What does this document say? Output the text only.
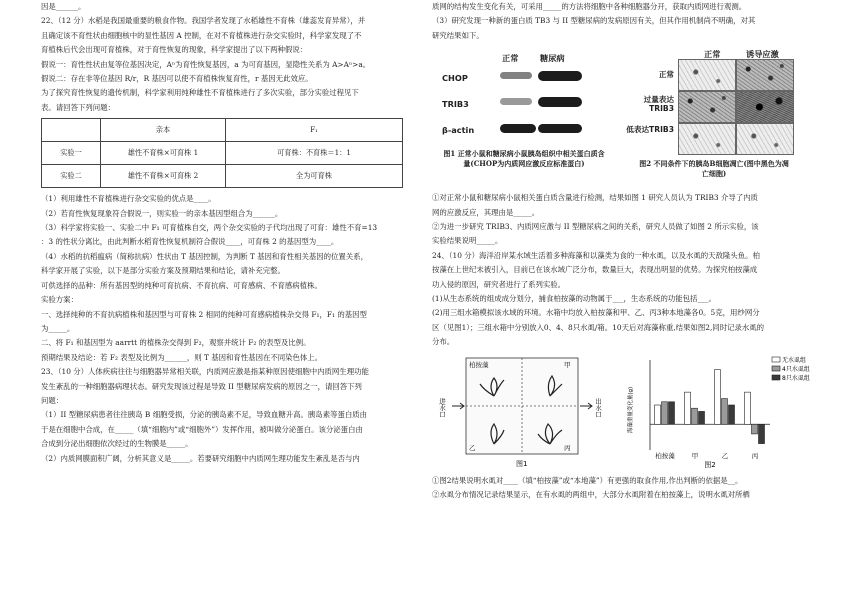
因是______。

22、（12 分）水稻是我国最重要的粮食作物。我国学者发现了水稻雄性不育株（雄蕊发育异常），并

且确定该不育性状由细胞核中的显性基因 A 控制，在对不育植株进行杂交实验时，科学家发现了不

育植株后代会出现可育植株，对于育性恢复的现象，科学家提出了以下两种假说：

假说一：育性性状由复等位基因决定，Aⁿ为育性恢复基因，a 为可育基因，显隐性关系为 A>Aⁿ>a。

假说二：存在非等位基因 R/r，R 基因可以使不育植株恢复育性，r 基因无此效应。

为了探究育性恢复的遗传机制，科学家利用纯种雄性不育植株进行了多次实验，部分实验过程见下

表。请回答下列问题：

	亲本	F₁
实验一	雄性不育株×可育株 1	可育株：不育株＝1：1
实验二	雄性不育株×可育株 2	全为可育株

（1）利用雄性不育植株进行杂交实验的优点是____。

（2）若育性恢复现象符合假说一，则实验一的亲本基因型组合为______。

（3）科学家将实验一、实验二中 F₁ 可育植株自交，两个杂交实验的子代均出现了可育：雄性不育=13

：3 的性状分离比，由此判断水稻育性恢复机制符合假说____，可育株 2 的基因型为____。

（4）水稻的抗稻瘟病（简称抗病）性状由 T 基因控制，为判断 T 基因和育性相关基因的位置关系，

科学家开展了实验，以下是部分实验方案及预期结果和结论，请补充完整。

可供选择的品种：所有基因型的纯种可育抗病、不育抗病、可育感病、不育感病植株。

实验方案：

一、选择纯种的不育抗病植株和基因型与可育株 2 相同的纯种可育感病植株杂交得 F₁，F₁ 的基因型

为_____。

二、将 F₁ 和基因型为 aarrtt 的植株杂交得到 F₂，观察并统计 F₂ 的表型及比例。

预期结果及结论：若 F₂ 表型及比例为______，则 T 基因和育性基因在不同染色体上。

23、（10 分）人体疾病往往与细胞器异常相关联，内质网应激是指某种原因使细胞中内质网生理功能

发生紊乱的一种细胞器病理状态。研究发现该过程是导致 II 型糖尿病发病的原因之一，请回答下列

问题：

（1）II 型糖尿病患者往往胰岛 B 细胞受损，分泌的胰岛素不足，导致血糖升高。胰岛素等蛋白质由

于是在细胞中合成，在_____（填“细胞内”或“细胞外”）发挥作用，被叫做分泌蛋白。该分泌蛋白由

合成到分泌出细胞依次经过的生物膜是_____。

（2）内质网膜面积广阔，分析其意义是_____。若要研究细胞中内质网生理功能发生紊乱是否与内

质网的结构发生变化有关，可采用_____的方法将细胞中各种细胞器分开，获取内质网进行观测。

（3）研究发现一种新的蛋白质 TB3 与 II 型糖尿病的发病原因有关，但其作用机制尚不明确，对其

研究结果如下。

正常	糖尿病
CHOP
TRIB3
β-actin
图1 正常小鼠和糖尿病小鼠胰岛组织中相关蛋白质含量(CHOP为内质网应激反应标准蛋白)
正常	诱导应激
正常
过量表达TRIB3
低表达TRIB3
图2 不同条件下的胰岛B细胞凋亡(图中黑色为凋亡细胞)

①对正常小鼠和糖尿病小鼠相关蛋白质含量进行检测，结果如图 1 研究人员认为 TRIB3 介导了内质

网的应激反应，其理由是_____。

②为进一步研究 TRIB3、内质网应激与 II 型糖尿病之间的关系，研究人员做了如图 2 所示实验，该

实验结果说明_____。

24、（10 分）海洋沿岸某水域生活着多种海藻和以藻类为食的一种水虱，以及水虱的天敌隆头鱼。柏

按藻在上世纪末被引入，目前已在该水域广泛分布，数量巨大，表现出明显的优势。为探究柏按藻成

功入侵的原因，研究者进行了系列实验。

(1)从生态系统的组成成分划分，捕食柏按藻的动物属于___，生态系统的功能包括___。

(2)用三组水箱模拟该水域的环境。水箱中均放入柏按藻和甲、乙、丙3种本地藻各0。5克，用纱网分

区（见图1）；三组水箱中分别放入0、4、8只水虱/箱。10天后对海藻称重,结果如图2,同时记录水虱的

分布。

柏按藻	甲
乙	丙
进水口	出水口
图1
海藻重量变化量(g)
柏按藻	甲	乙	丙
无水虱组
4只水虱组
8只水虱组
图2

①图2结果说明水虱对____（填“柏按藻”或“本地藻”）有更强的取食作用,作出判断的依据是__。

②水虱分布情况记录结果显示，在有水虱的两组中，大部分水虱附着在柏按藻上，说明水虱对所栖
